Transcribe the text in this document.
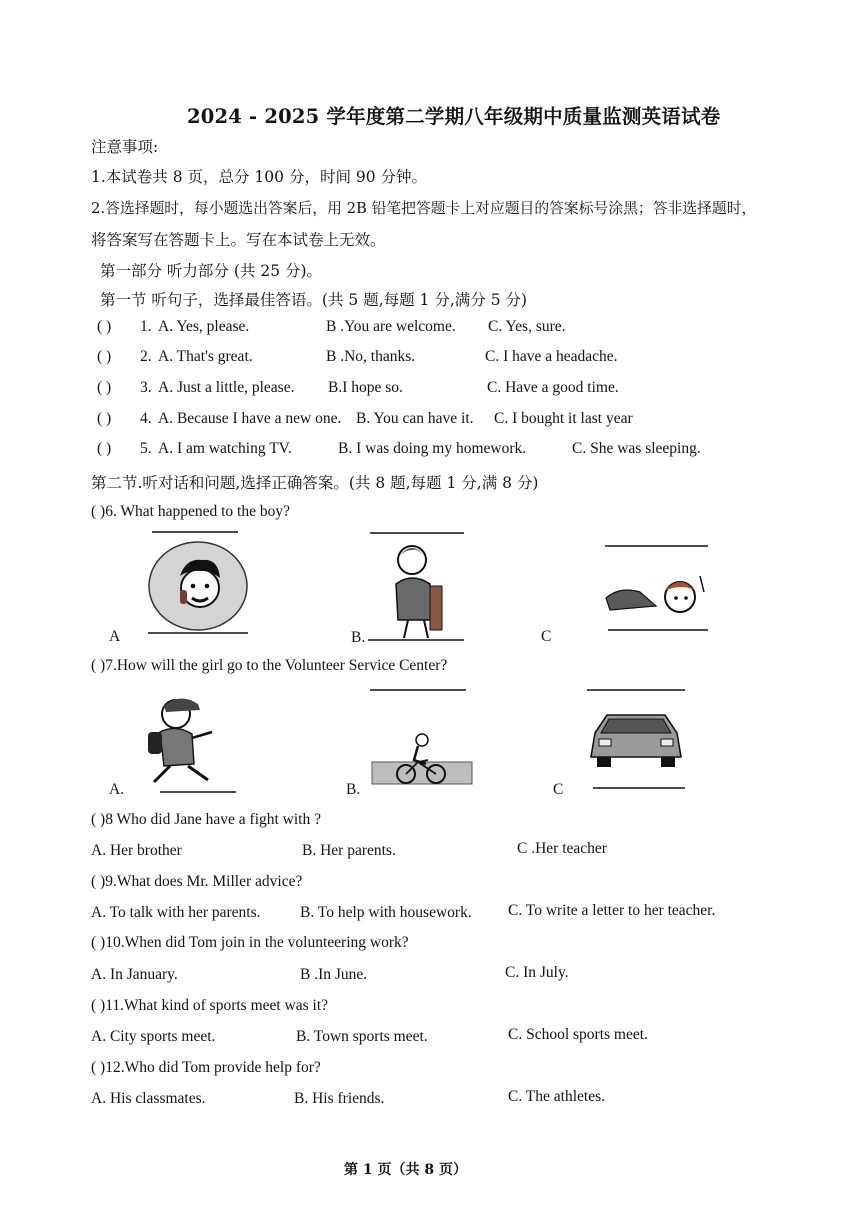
2024 - 2025 学年度第二学期八年级期中质量监测英语试卷
注意事项:
1.本试卷共 8 页，总分 100 分，时间 90 分钟。
2.答选择题时，每小题选出答案后，用 2B 铅笔把答题卡上对应题目的答案标号涂黑；答非选择题时，
将答案写在答题卡上。写在本试卷上无效。
第一部分 听力部分 (共 25 分)。
第一节 听句子，选择最佳答语。(共 5 题,每题 1 分,满分 5 分)
( ) 1. A. Yes, please.	B .You are welcome. C. Yes, sure.
( ) 2. A. That's great.	B .No, thanks.	C. I have a headache.
( ) 3. A. Just a little, please. B.I hope so.	C. Have a good time.
( ) 4. A. Because I have a new one. B. You can have it. C. I bought it last year
( ) 5. A. I am watching TV.	B. I was doing my homework.	C. She was sleeping.
第二节.听对话和问题,选择正确答案。(共 8 题,每题 1 分,满 8 分)
( )6. What happened to the boy?
A	B.	C
( )7.How will the girl go to the Volunteer Service Center?
A.	B.	C
( )8 Who did Jane have a fight with ?
A. Her brother	B. Her parents.	C .Her teacher
( )9.What does Mr. Miller advice?
A. To talk with her parents.	B. To help with housework. C. To write a letter to her teacher.
( )10.When did Tom join in the volunteering work?
A. In January.	B .In June.	C. In July.
( )11.What kind of sports meet was it?
A. City sports meet.	B. Town sports meet.	C. School sports meet.
( )12.Who did Tom provide help for?
A. His classmates.	B. His friends.	C. The athletes.
第 1 页（共 8 页）
